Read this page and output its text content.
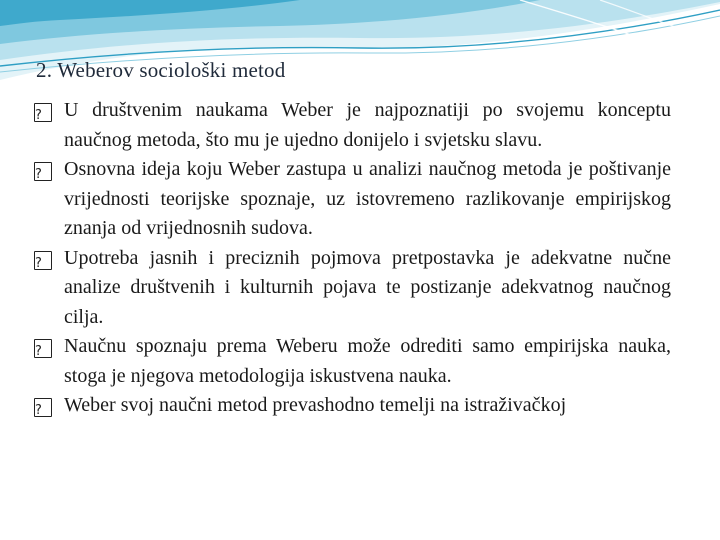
2. Weberov sociološki metod
?
U društvenim naukama Weber je najpoznatiji po svojemu konceptu naučnog metoda, što mu je ujedno donijelo i svjetsku slavu.
?
Osnovna ideja koju Weber zastupa u analizi naučnog metoda je poštivanje vrijednosti teorijske spoznaje, uz istovremeno razlikovanje empirijskog znanja od vrijednosnih sudova.
?
Upotreba jasnih i preciznih pojmova pretpostavka je adekvatne nučne analize društvenih i kulturnih pojava te postizanje adekvatnog naučnog cilja.
?
Naučnu spoznaju prema Weberu može odrediti samo empirijska nauka, stoga je njegova metodologija iskustvena nauka.
?
Weber svoj naučni metod prevashodno temelji na istraživačkoj
